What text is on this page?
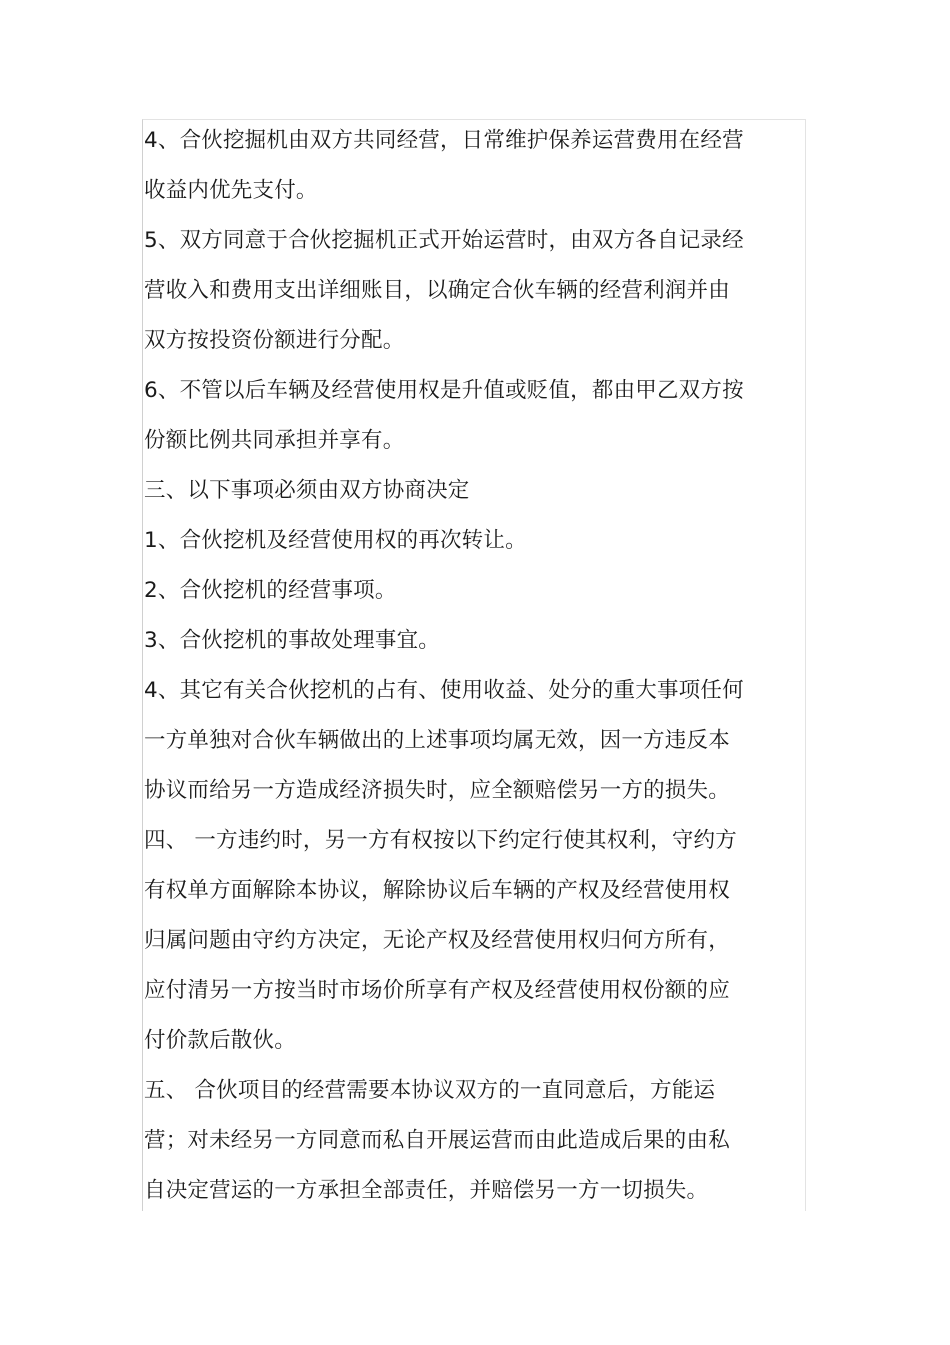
4、合伙挖掘机由双方共同经营，日常维护保养运营费用在经营
收益内优先支付。
5、双方同意于合伙挖掘机正式开始运营时，由双方各自记录经
营收入和费用支出详细账目，以确定合伙车辆的经营利润并由
双方按投资份额进行分配。
6、不管以后车辆及经营使用权是升值或贬值，都由甲乙双方按
份额比例共同承担并享有。
三、以下事项必须由双方协商决定
1、合伙挖机及经营使用权的再次转让。
2、合伙挖机的经营事项。
3、合伙挖机的事故处理事宜。
4、其它有关合伙挖机的占有、使用收益、处分的重大事项任何
一方单独对合伙车辆做出的上述事项均属无效，因一方违反本
协议而给另一方造成经济损失时，应全额赔偿另一方的损失。
四、 一方违约时，另一方有权按以下约定行使其权利，守约方
有权单方面解除本协议，解除协议后车辆的产权及经营使用权
归属问题由守约方决定，无论产权及经营使用权归何方所有，
应付清另一方按当时市场价所享有产权及经营使用权份额的应
付价款后散伙。
五、 合伙项目的经营需要本协议双方的一直同意后，方能运
营；对未经另一方同意而私自开展运营而由此造成后果的由私
自决定营运的一方承担全部责任，并赔偿另一方一切损失。
